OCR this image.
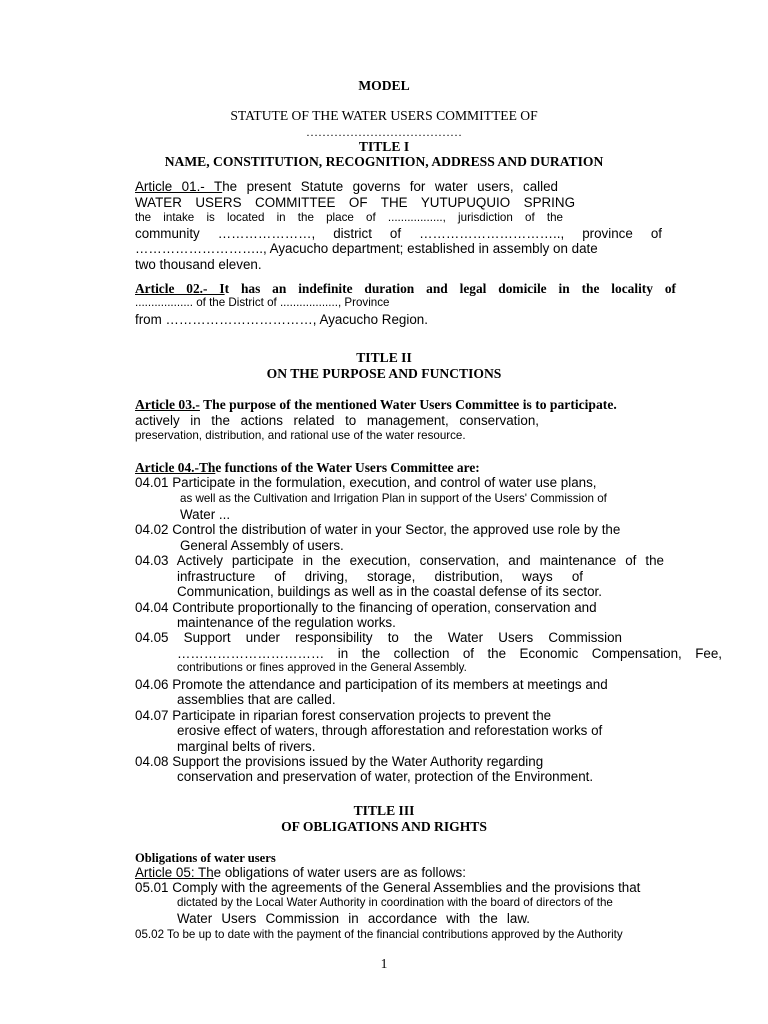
MODEL
STATUTE OF THE WATER USERS COMMITTEE OF
…………………………………
TITLE I
NAME, CONSTITUTION, RECOGNITION, ADDRESS AND DURATION
Article 01.- The present Statute governs for water users, called
WATER USERS COMMITTEE OF THE YUTUPUQUIO SPRING
the intake is located in the place of ................., jurisdiction of the
community …………………, district of ………………………….., province of
……………………….., Ayacucho department; established in assembly on date
two thousand eleven.
Article 02.- It has an indefinite duration and legal domicile in the locality of
.................. of the District of .................., Province
from ……………………………, Ayacucho Region.
TITLE II
ON THE PURPOSE AND FUNCTIONS
Article 03.- The purpose of the mentioned Water Users Committee is to participate.
actively in the actions related to management, conservation,
preservation, distribution, and rational use of the water resource.
Article 04.-The functions of the Water Users Committee are:
04.01 Participate in the formulation, execution, and control of water use plans,
as well as the Cultivation and Irrigation Plan in support of the Users' Commission of
Water ...
04.02 Control the distribution of water in your Sector, the approved use role by the
General Assembly of users.
04.03 Actively participate in the execution, conservation, and maintenance of the
infrastructure of driving, storage, distribution, ways of
Communication, buildings as well as in the coastal defense of its sector.
04.04 Contribute proportionally to the financing of operation, conservation and
maintenance of the regulation works.
04.05 Support under responsibility to the Water Users Commission
…………………………… in the collection of the Economic Compensation, Fee,
contributions or fines approved in the General Assembly.
04.06 Promote the attendance and participation of its members at meetings and
assemblies that are called.
04.07 Participate in riparian forest conservation projects to prevent the
erosive effect of waters, through afforestation and reforestation works of
marginal belts of rivers.
04.08 Support the provisions issued by the Water Authority regarding
conservation and preservation of water, protection of the Environment.
TITLE III
OF OBLIGATIONS AND RIGHTS
Obligations of water users
Article 05: The obligations of water users are as follows:
05.01 Comply with the agreements of the General Assemblies and the provisions that
dictated by the Local Water Authority in coordination with the board of directors of the
Water Users Commission in accordance with the law.
05.02 To be up to date with the payment of the financial contributions approved by the Authority
1
